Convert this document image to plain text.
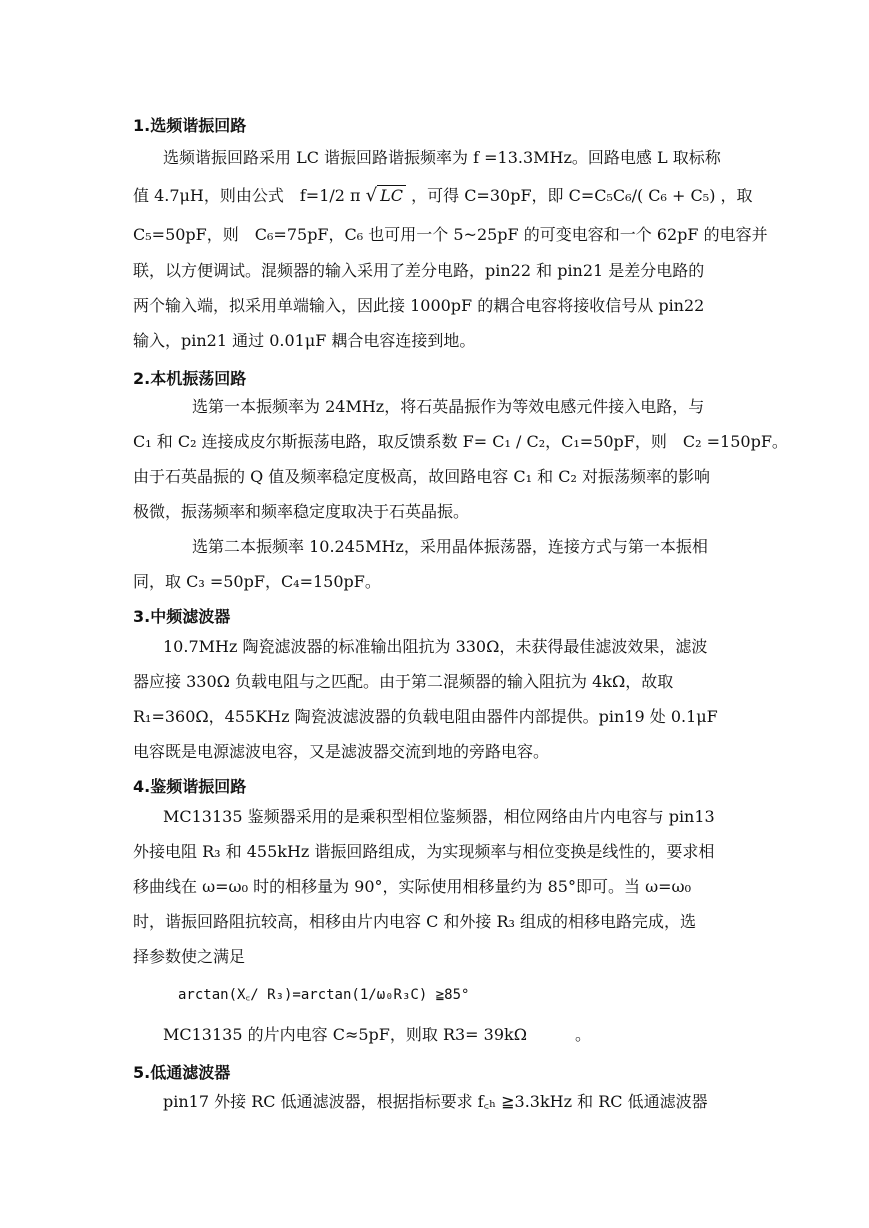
1.选频谐振回路
选频谐振回路采用 LC 谐振回路谐振频率为 f =13.3MHz。回路电感 L 取标称
值 4.7μH，则由公式　f=1/2 π √ LC ，可得 C=30pF，即 C=C₅C₆/( C₆ + C₅) ，取
C₅=50pF，则　C₆=75pF，C₆ 也可用一个 5~25pF 的可变电容和一个 62pF 的电容并
联，以方便调试。混频器的输入采用了差分电路，pin22 和 pin21 是差分电路的
两个输入端，拟采用单端输入，因此接 1000pF 的耦合电容将接收信号从 pin22
输入，pin21 通过 0.01μF 耦合电容连接到地。
2.本机振荡回路
选第一本振频率为 24MHz，将石英晶振作为等效电感元件接入电路，与
C₁ 和 C₂ 连接成皮尔斯振荡电路，取反馈系数 F= C₁ / C₂，C₁=50pF，则　C₂ =150pF。
由于石英晶振的 Q 值及频率稳定度极高，故回路电容 C₁ 和 C₂ 对振荡频率的影响
极微，振荡频率和频率稳定度取决于石英晶振。
选第二本振频率 10.245MHz，采用晶体振荡器，连接方式与第一本振相
同，取 C₃ =50pF，C₄=150pF。
3.中频滤波器
10.7MHz 陶瓷滤波器的标准输出阻抗为 330Ω，未获得最佳滤波效果，滤波
器应接 330Ω 负载电阻与之匹配。由于第二混频器的输入阻抗为 4kΩ，故取
R₁=360Ω，455KHz 陶瓷波滤波器的负载电阻由器件内部提供。pin19 处 0.1μF
电容既是电源滤波电容，又是滤波器交流到地的旁路电容。
4.鉴频谐振回路
MC13135 鉴频器采用的是乘积型相位鉴频器，相位网络由片内电容与 pin13
外接电阻 R₃ 和 455kHz 谐振回路组成，为实现频率与相位变换是线性的，要求相
移曲线在 ω=ω₀ 时的相移量为 90°，实际使用相移量约为 85°即可。当 ω=ω₀
时，谐振回路阻抗较高，相移由片内电容 C 和外接 R₃ 组成的相移电路完成，选
择参数使之满足
arctan(X꜀/ R₃)=arctan(1/ω₀R₃C) ≧85°
MC13135 的片内电容 C≈5pF，则取 R3= 39kΩ　　　。
5.低通滤波器
pin17 外接 RC 低通滤波器，根据指标要求 f꜀ₕ ≧3.3kHz 和 RC 低通滤波器
